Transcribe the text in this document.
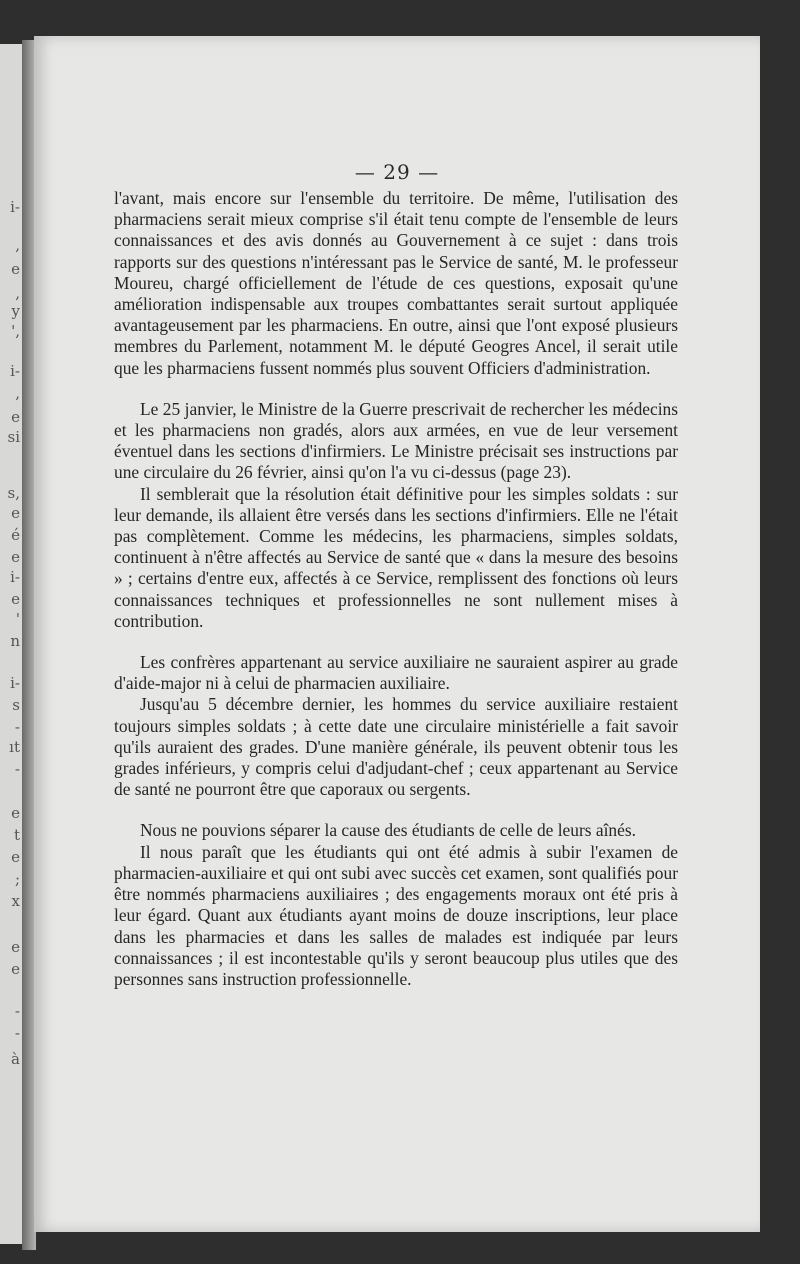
i-
,
e
,
y
',
i-
,
e
si
s,
e
é
e
i-
e
'
n
i-
s
-
ıt
-
e
t
e
;
x
e
e
-
-
à
— 29 —

l'avant, mais encore sur l'ensemble du territoire. De même, l'utilisation des pharmaciens serait mieux comprise s'il était tenu compte de l'ensemble de leurs connaissances et des avis donnés au Gouvernement à ce sujet : dans trois rapports sur des questions n'intéressant pas le Service de santé, M. le professeur Moureu, chargé officiellement de l'étude de ces questions, exposait qu'une amélioration indispensable aux troupes combattantes serait surtout appliquée avantageusement par les pharmaciens. En outre, ainsi que l'ont exposé plusieurs membres du Parlement, notamment M. le député Geogres Ancel, il serait utile que les pharmaciens fussent nommés plus souvent Officiers d'administration.

Le 25 janvier, le Ministre de la Guerre prescrivait de rechercher les médecins et les pharmaciens non gradés, alors aux armées, en vue de leur versement éventuel dans les sections d'infirmiers. Le Ministre précisait ses instructions par une circulaire du 26 février, ainsi qu'on l'a vu ci-dessus (page 23).

Il semblerait que la résolution était définitive pour les simples soldats : sur leur demande, ils allaient être versés dans les sections d'infirmiers. Elle ne l'était pas complètement. Comme les médecins, les pharmaciens, simples soldats, continuent à n'être affectés au Service de santé que « dans la mesure des besoins » ; certains d'entre eux, affectés à ce Service, remplissent des fonctions où leurs connaissances techniques et professionnelles ne sont nullement mises à contribution.

Les confrères appartenant au service auxiliaire ne sauraient aspirer au grade d'aide-major ni à celui de pharmacien auxiliaire.

Jusqu'au 5 décembre dernier, les hommes du service auxiliaire restaient toujours simples soldats ; à cette date une circulaire ministérielle a fait savoir qu'ils auraient des grades. D'une manière générale, ils peuvent obtenir tous les grades inférieurs, y compris celui d'adjudant-chef ; ceux appartenant au Service de santé ne pourront être que caporaux ou sergents.

Nous ne pouvions séparer la cause des étudiants de celle de leurs aînés.

Il nous paraît que les étudiants qui ont été admis à subir l'examen de pharmacien-auxiliaire et qui ont subi avec succès cet examen, sont qualifiés pour être nommés pharmaciens auxiliaires ; des engagements moraux ont été pris à leur égard. Quant aux étudiants ayant moins de douze inscriptions, leur place dans les pharmacies et dans les salles de malades est indiquée par leurs connaissances ; il est incontestable qu'ils y seront beaucoup plus utiles que des personnes sans instruction professionnelle.
